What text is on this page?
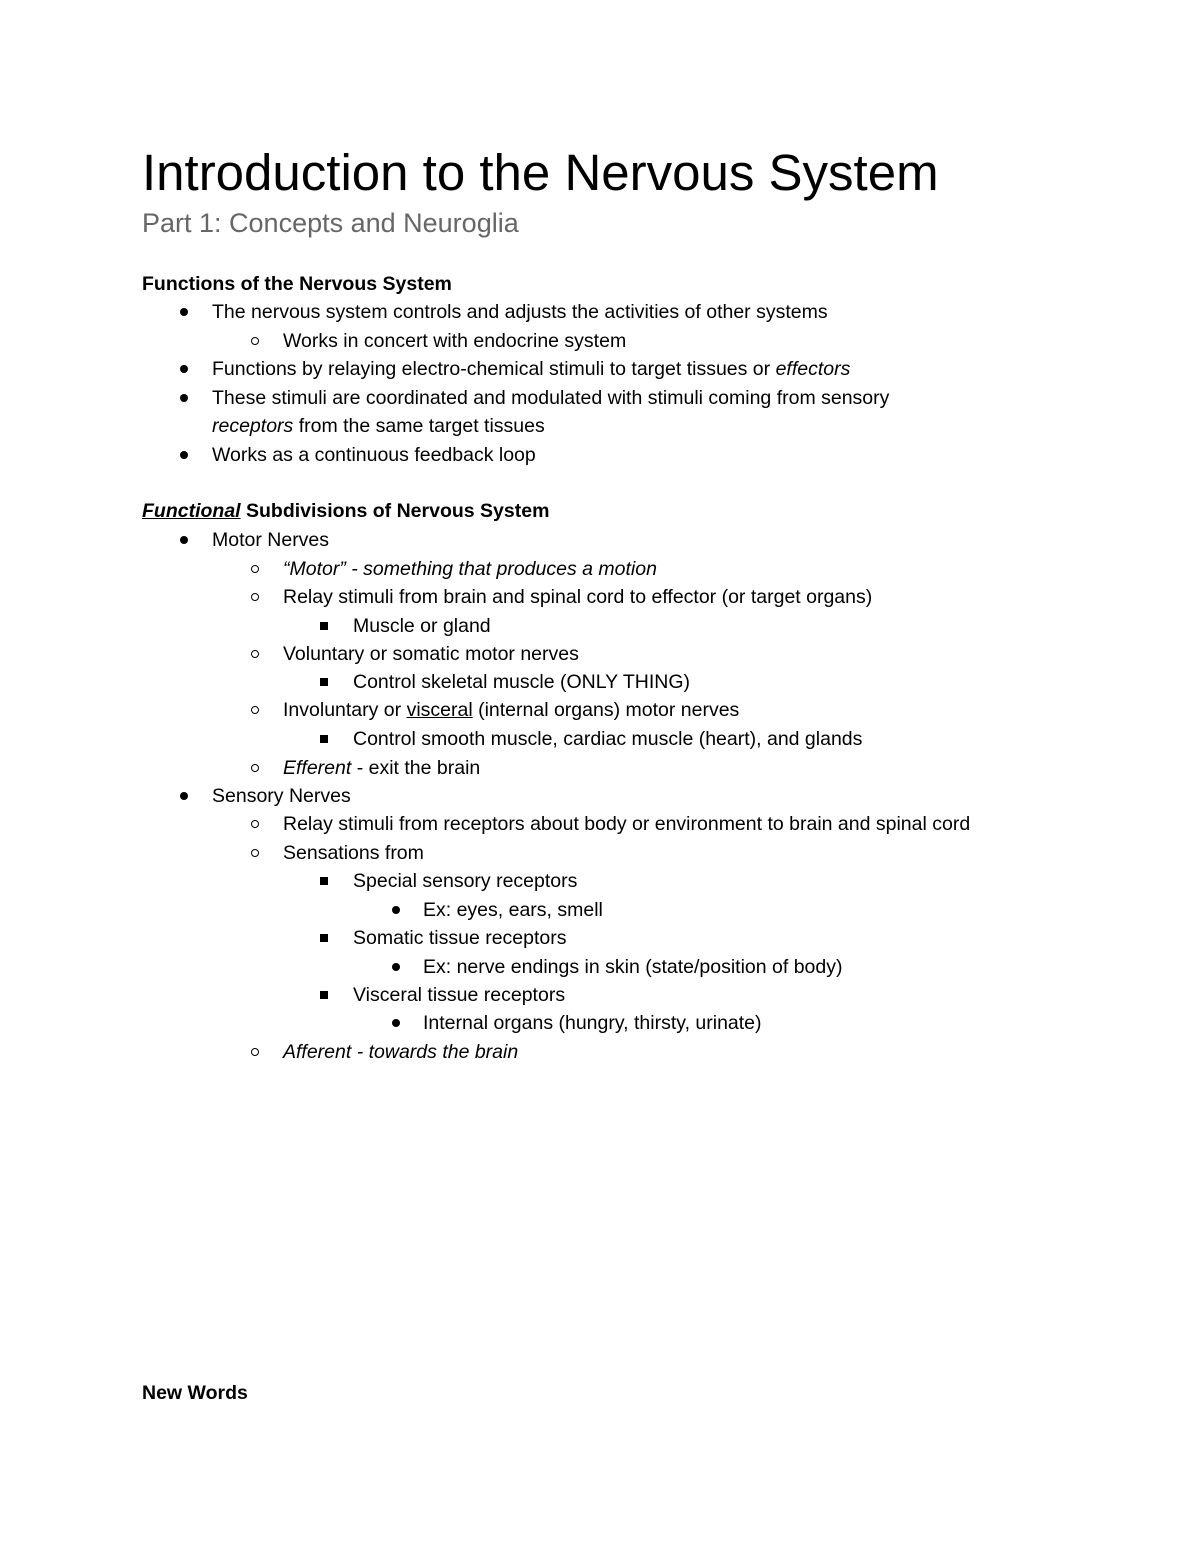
Introduction to the Nervous System
Part 1: Concepts and Neuroglia
Functions of the Nervous System
The nervous system controls and adjusts the activities of other systems
Works in concert with endocrine system
Functions by relaying electro-chemical stimuli to target tissues or effectors
These stimuli are coordinated and modulated with stimuli coming from sensory
receptors from the same target tissues
Works as a continuous feedback loop
Functional Subdivisions of Nervous System
Motor Nerves
“Motor” - something that produces a motion
Relay stimuli from brain and spinal cord to effector (or target organs)
Muscle or gland
Voluntary or somatic motor nerves
Control skeletal muscle (ONLY THING)
Involuntary or visceral (internal organs) motor nerves
Control smooth muscle, cardiac muscle (heart), and glands
Efferent - exit the brain
Sensory Nerves
Relay stimuli from receptors about body or environment to brain and spinal cord
Sensations from
Special sensory receptors
Ex: eyes, ears, smell
Somatic tissue receptors
Ex: nerve endings in skin (state/position of body)
Visceral tissue receptors
Internal organs (hungry, thirsty, urinate)
Afferent - towards the brain
New Words
